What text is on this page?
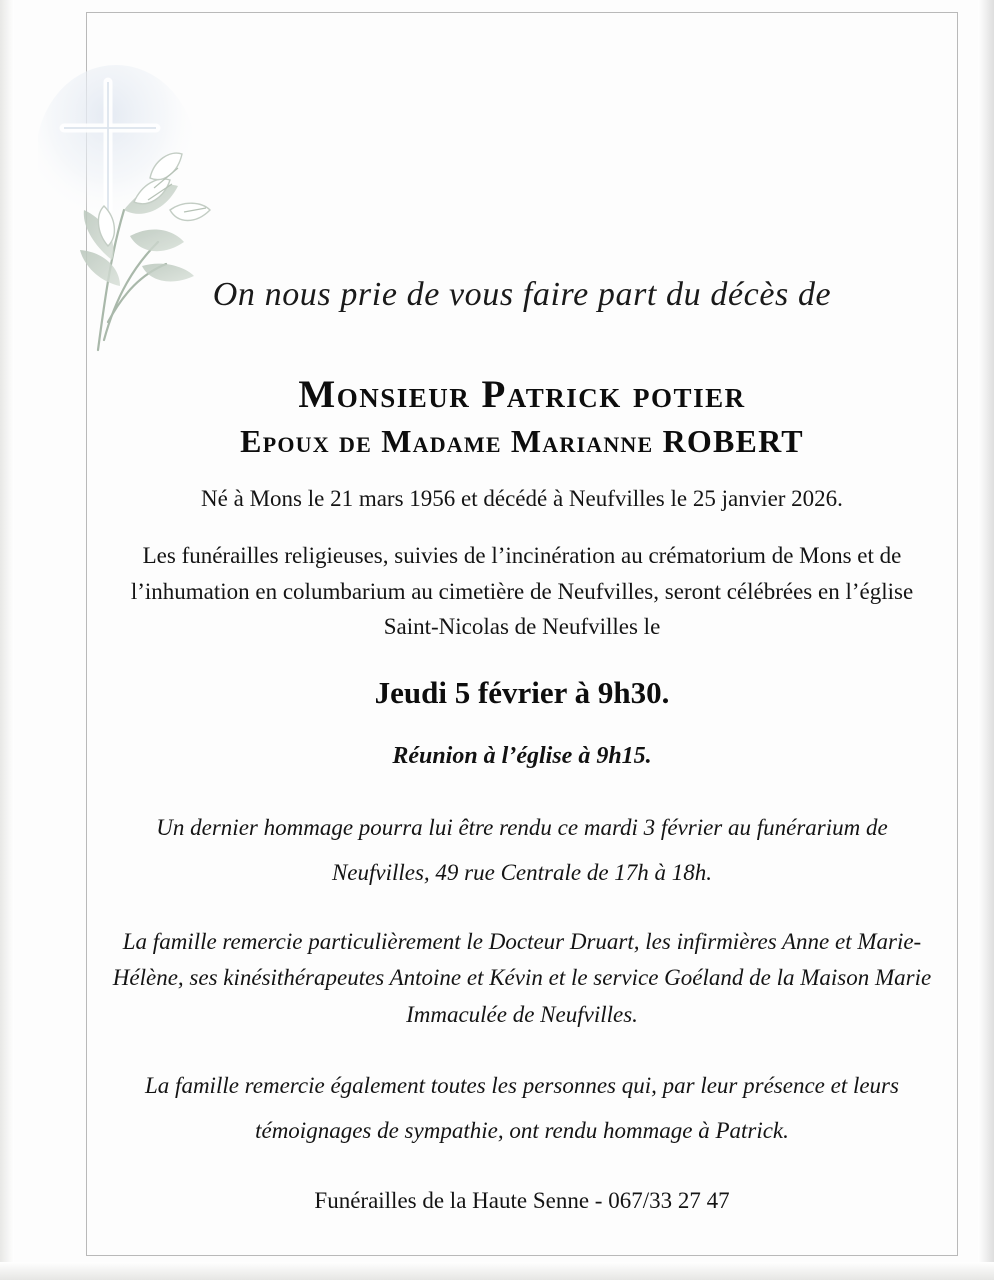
On nous prie de vous faire part du décès de
Monsieur Patrick potier
Epoux de Madame Marianne ROBERT
Né à Mons le 21 mars 1956 et décédé à Neufvilles le 25 janvier 2026.
Les funérailles religieuses, suivies de l’incinération au crématorium de Mons et de l’inhumation en columbarium au cimetière de Neufvilles, seront célébrées en l’église Saint-Nicolas de Neufvilles le
Jeudi 5 février à 9h30.
Réunion à l’église à 9h15.
Un dernier hommage pourra lui être rendu ce mardi 3 février au funérarium de Neufvilles, 49 rue Centrale de 17h à 18h.
La famille remercie particulièrement le Docteur Druart, les infirmières Anne et Marie-Hélène, ses kinésithérapeutes Antoine et Kévin et le service Goéland de la Maison Marie Immaculée de Neufvilles.
La famille remercie également toutes les personnes qui, par leur présence et leurs témoignages de sympathie, ont rendu hommage à Patrick.
Funérailles de la Haute Senne - 067/33 27 47
